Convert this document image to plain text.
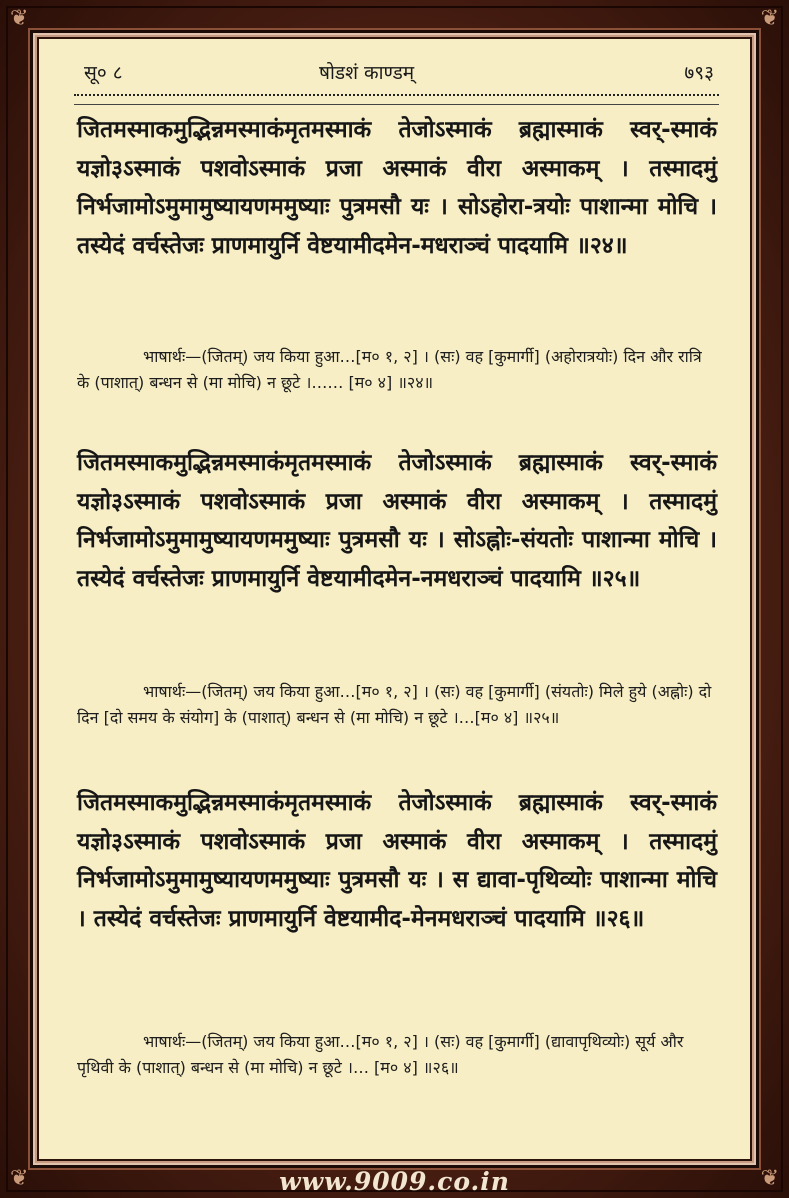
❦	❦
❦	❦
सू० ८	षोडशं काण्डम्	७९३

जितमस्माकमुद्भिन्नमस्माकंमृतमस्माकं तेजोऽस्माकं ब्रह्मास्माकं स्वर्-स्माकं यज्ञो३ऽस्माकं पशवोऽस्माकं प्रजा अस्माकं वीरा अस्माकम् । तस्मादमुं निर्भजामोऽमुमामुष्यायणममुष्याः पुत्रमसौ यः । सोऽहोरा-त्रयोः पाशान्मा मोचि । तस्येदं वर्चस्तेजः प्राणमायुर्नि वेष्टयामीदमेन-मधराञ्चं पादयामि ॥२४॥

भाषार्थः—(जितम्) जय किया हुआ…[म० १, २] । (सः) वह [कुमार्गी] (अहोरात्रयोः) दिन और रात्रि के (पाशात्) बन्धन से (मा मोचि) न छूटे ।…… [म० ४] ॥२४॥

जितमस्माकमुद्भिन्नमस्माकंमृतमस्माकं तेजोऽस्माकं ब्रह्मास्माकं स्वर्-स्माकं यज्ञो३ऽस्माकं पशवोऽस्माकं प्रजा अस्माकं वीरा अस्माकम् । तस्मादमुं निर्भजामोऽमुमामुष्यायणममुष्याः पुत्रमसौ यः । सोऽह्नोः-संयतोः पाशान्मा मोचि । तस्येदं वर्चस्तेजः प्राणमायुर्नि वेष्टयामीदमेन-नमधराञ्चं पादयामि ॥२५॥

भाषार्थः—(जितम्) जय किया हुआ…[म० १, २] । (सः) वह [कुमार्गी] (संयतोः) मिले हुये (अह्नोः) दो दिन [दो समय के संयोग] के (पाशात्) बन्धन से (मा मोचि) न छूटे ।…[म० ४] ॥२५॥

जितमस्माकमुद्भिन्नमस्माकंमृतमस्माकं तेजोऽस्माकं ब्रह्मास्माकं स्वर्-स्माकं यज्ञो३ऽस्माकं पशवोऽस्माकं प्रजा अस्माकं वीरा अस्माकम् । तस्मादमुं निर्भजामोऽमुमामुष्यायणममुष्याः पुत्रमसौ यः । स द्यावा-पृथिव्योः पाशान्मा मोचि । तस्येदं वर्चस्तेजः प्राणमायुर्नि वेष्टयामीद-मेनमधराञ्चं पादयामि ॥२६॥

भाषार्थः—(जितम्) जय किया हुआ…[म० १, २] । (सः) वह [कुमार्गी] (द्यावापृथिव्योः) सूर्य और पृथिवी के (पाशात्) बन्धन से (मा मोचि) न छूटे ।… [म० ४] ॥२६॥

www.9009.co.in
